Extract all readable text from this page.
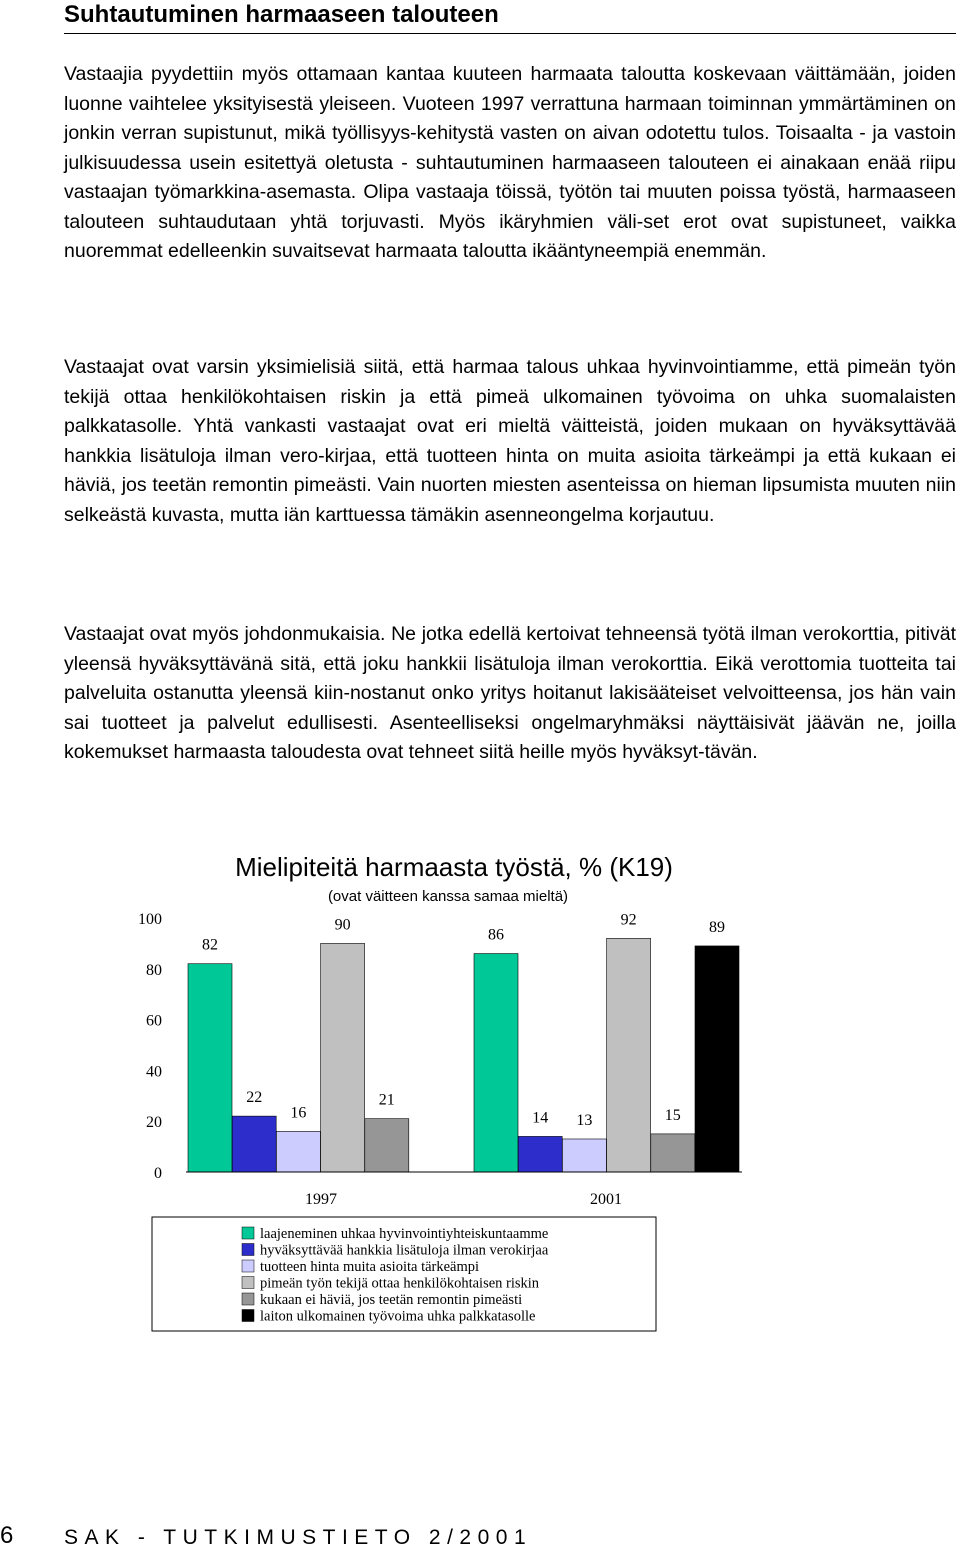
Suhtautuminen harmaaseen talouteen

Vastaajia pyydettiin myös ottamaan kantaa kuuteen harmaata taloutta koskevaan väittämään, joiden luonne vaihtelee yksityisestä yleiseen. Vuoteen 1997 verrattuna harmaan toiminnan ymmärtäminen on jonkin verran supistunut, mikä työllisyys-kehitystä vasten on aivan odotettu tulos. Toisaalta - ja vastoin julkisuudessa usein esitettyä oletusta - suhtautuminen harmaaseen talouteen ei ainakaan enää riipu vastaajan työmarkkina-asemasta. Olipa vastaaja töissä, työtön tai muuten poissa työstä, harmaaseen talouteen suhtaudutaan yhtä torjuvasti. Myös ikäryhmien väli-set erot ovat supistuneet, vaikka nuoremmat edelleenkin suvaitsevat harmaata taloutta ikääntyneempiä enemmän.

Vastaajat ovat varsin yksimielisiä siitä, että harmaa talous uhkaa hyvinvointiamme, että pimeän työn tekijä ottaa henkilökohtaisen riskin ja että pimeä ulkomainen työvoima on uhka suomalaisten palkkatasolle. Yhtä vankasti vastaajat ovat eri mieltä väitteistä, joiden mukaan on hyväksyttävää hankkia lisätuloja ilman vero-kirjaa, että tuotteen hinta on muita asioita tärkeämpi ja että kukaan ei häviä, jos teetän remontin pimeästi. Vain nuorten miesten asenteissa on hieman lipsumista muuten niin selkeästä kuvasta, mutta iän karttuessa tämäkin asenneongelma korjautuu.

Vastaajat ovat myös johdonmukaisia. Ne jotka edellä kertoivat tehneensä työtä ilman verokorttia, pitivät yleensä hyväksyttävänä sitä, että joku hankkii lisätuloja ilman verokorttia. Eikä verottomia tuotteita tai palveluita ostanutta yleensä kiin-nostanut onko yritys hoitanut lakisääteiset velvoitteensa, jos hän vain sai tuotteet ja palvelut edullisesti. Asenteelliseksi ongelmaryhmäksi näyttäisivät jäävän ne, joilla kokemukset harmaasta taloudesta ovat tehneet siitä heille myös hyväksyt-tävän.

Mielipiteitä harmaasta työstä, % (K19)
(ovat väitteen kanssa samaa mieltä)
0
20
40
60
80
100
82
22
16
90
21
86
14 13
92
15
89
1997	2001
laajeneminen uhkaa hyvinvointiyhteiskuntaamme
hyväksyttävää hankkia lisätuloja ilman verokirjaa
tuotteen hinta muita asioita tärkeämpi
pimeän työn tekijä ottaa henkilökohtaisen riskin
kukaan ei häviä, jos teetän remontin pimeästi
laiton ulkomainen työvoima uhka palkkatasolle
6 SAK - TUTKIMUSTIETO 2/2001
